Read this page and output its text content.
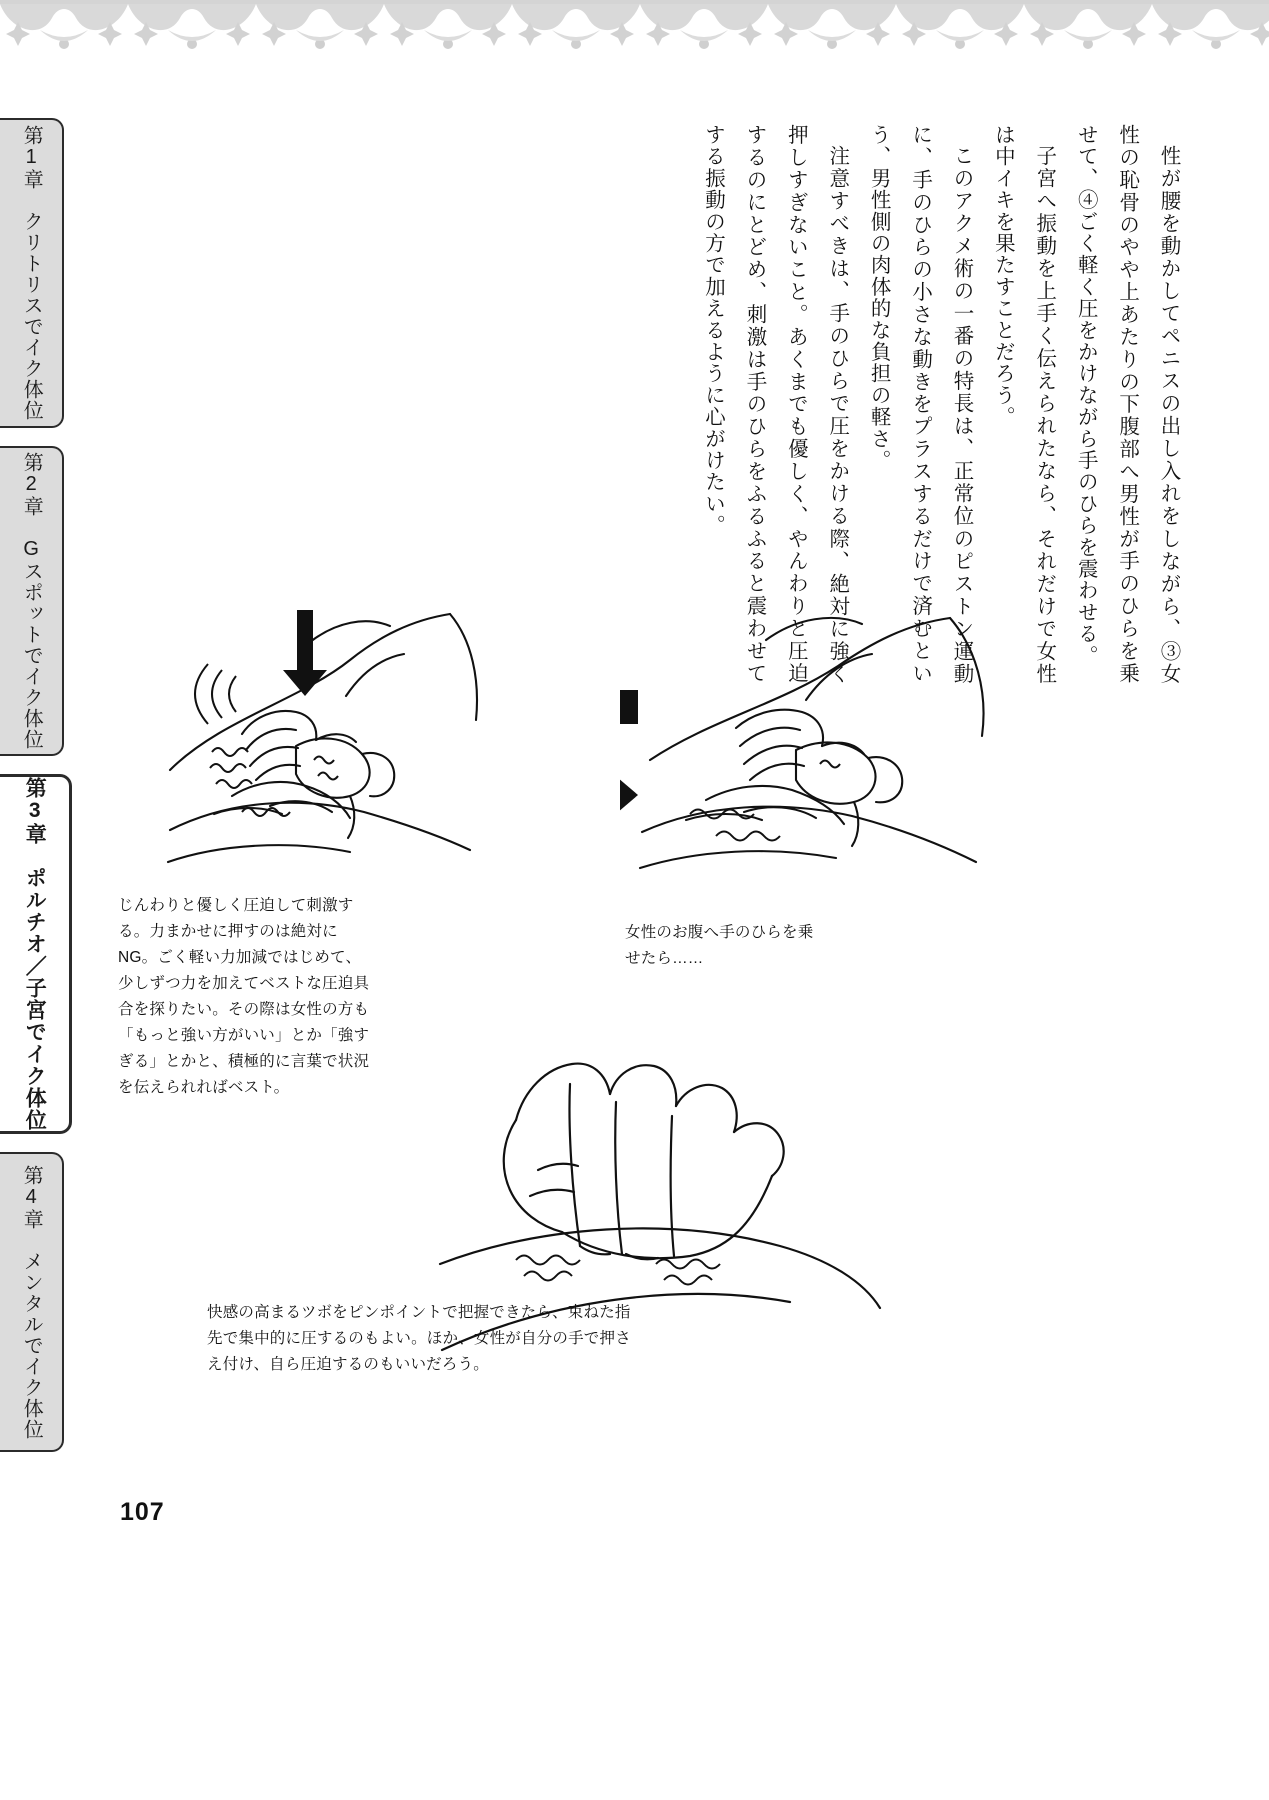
第1章　クリトリスでイク体位
第2章　Gスポットでイク体位
第3章　ポルチオ／子宮でイク体位
第4章　メンタルでイク体位

性が腰を動かしてペニスの出し入れをしながら、③女性の恥骨のやや上あたりの下腹部へ男性が手のひらを乗せて、④ごく軽く圧をかけながら手のひらを震わせる。

子宮へ振動を上手く伝えられたなら、それだけで女性は中イキを果たすことだろう。

このアクメ術の一番の特長は、正常位のピストン運動に、手のひらの小さな動きをプラスするだけで済むという、男性側の肉体的な負担の軽さ。

注意すべきは、手のひらで圧をかける際、絶対に強く押しすぎないこと。あくまでも優しく、やんわりと圧迫するのにとどめ、刺激は手のひらをふるふると震わせてする振動の方で加えるように心がけたい。

じんわりと優しく圧迫して刺激する。力まかせに押すのは絶対にNG。ごく軽い力加減ではじめて、少しずつ力を加えてベストな圧迫具合を探りたい。その際は女性の方も「もっと強い方がいい」とか「強すぎる」とかと、積極的に言葉で状況を伝えられればベスト。
女性のお腹へ手のひらを乗せたら……
快感の高まるツボをピンポイントで把握できたら、束ねた指先で集中的に圧するのもよい。ほか、女性が自分の手で押さえ付け、自ら圧迫するのもいいだろう。
107
